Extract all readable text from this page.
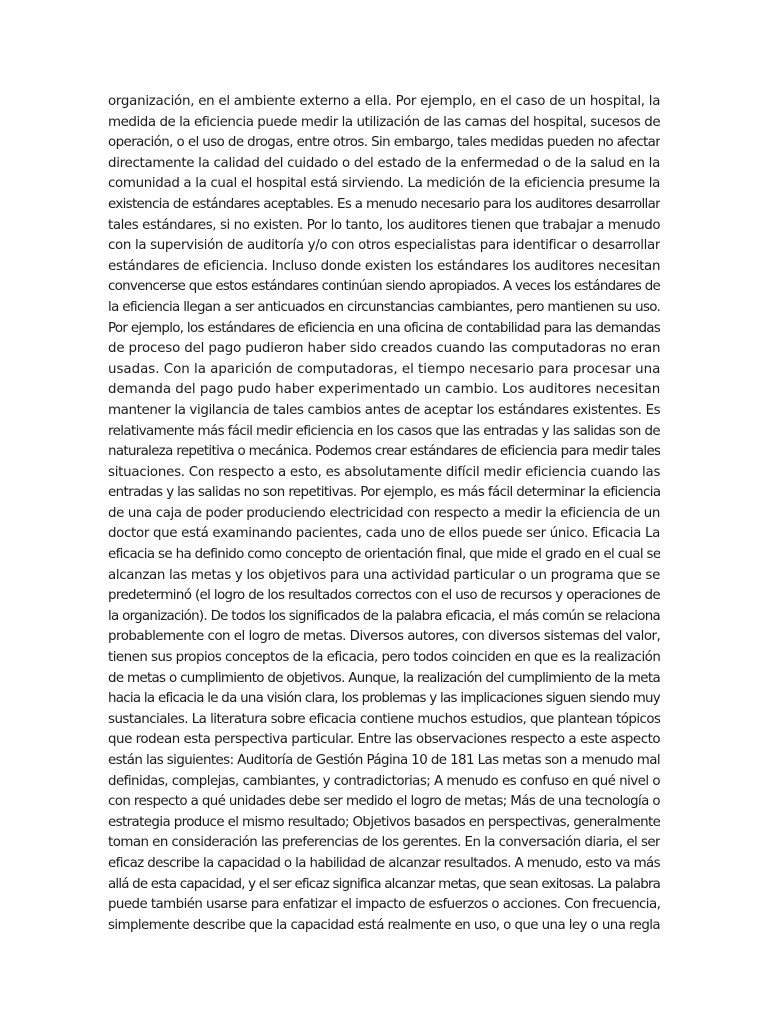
organización, en el ambiente externo a ella. Por ejemplo, en el caso de un hospital, la
medida de la eficiencia puede medir la utilización de las camas del hospital, sucesos de
operación, o el uso de drogas, entre otros. Sin embargo, tales medidas pueden no afectar
directamente la calidad del cuidado o del estado de la enfermedad o de la salud en la
comunidad a la cual el hospital está sirviendo. La medición de la eficiencia presume la
existencia de estándares aceptables. Es a menudo necesario para los auditores desarrollar
tales estándares, si no existen. Por lo tanto, los auditores tienen que trabajar a menudo
con la supervisión de auditoría y/o con otros especialistas para identificar o desarrollar
estándares de eficiencia. Incluso donde existen los estándares los auditores necesitan
convencerse que estos estándares continúan siendo apropiados. A veces los estándares de
la eficiencia llegan a ser anticuados en circunstancias cambiantes, pero mantienen su uso.
Por ejemplo, los estándares de eficiencia en una oficina de contabilidad para las demandas
de proceso del pago pudieron haber sido creados cuando las computadoras no eran
usadas. Con la aparición de computadoras, el tiempo necesario para procesar una
demanda del pago pudo haber experimentado un cambio. Los auditores necesitan
mantener la vigilancia de tales cambios antes de aceptar los estándares existentes. Es
relativamente más fácil medir eficiencia en los casos que las entradas y las salidas son de
naturaleza repetitiva o mecánica. Podemos crear estándares de eficiencia para medir tales
situaciones. Con respecto a esto, es absolutamente difícil medir eficiencia cuando las
entradas y las salidas no son repetitivas. Por ejemplo, es más fácil determinar la eficiencia
de una caja de poder produciendo electricidad con respecto a medir la eficiencia de un
doctor que está examinando pacientes, cada uno de ellos puede ser único. Eficacia La
eficacia se ha definido como concepto de orientación final, que mide el grado en el cual se
alcanzan las metas y los objetivos para una actividad particular o un programa que se
predeterminó (el logro de los resultados correctos con el uso de recursos y operaciones de
la organización). De todos los significados de la palabra eficacia, el más común se relaciona
probablemente con el logro de metas. Diversos autores, con diversos sistemas del valor,
tienen sus propios conceptos de la eficacia, pero todos coinciden en que es la realización
de metas o cumplimiento de objetivos. Aunque, la realización del cumplimiento de la meta
hacia la eficacia le da una visión clara, los problemas y las implicaciones siguen siendo muy
sustanciales. La literatura sobre eficacia contiene muchos estudios, que plantean tópicos
que rodean esta perspectiva particular. Entre las observaciones respecto a este aspecto
están las siguientes: Auditoría de Gestión Página 10 de 181 Las metas son a menudo mal
definidas, complejas, cambiantes, y contradictorias; A menudo es confuso en qué nivel o
con respecto a qué unidades debe ser medido el logro de metas; Más de una tecnología o
estrategia produce el mismo resultado; Objetivos basados en perspectivas, generalmente
toman en consideración las preferencias de los gerentes. En la conversación diaria, el ser
eficaz describe la capacidad o la habilidad de alcanzar resultados. A menudo, esto va más
allá de esta capacidad, y el ser eficaz significa alcanzar metas, que sean exitosas. La palabra
puede también usarse para enfatizar el impacto de esfuerzos o acciones. Con frecuencia,
simplemente describe que la capacidad está realmente en uso, o que una ley o una regla
